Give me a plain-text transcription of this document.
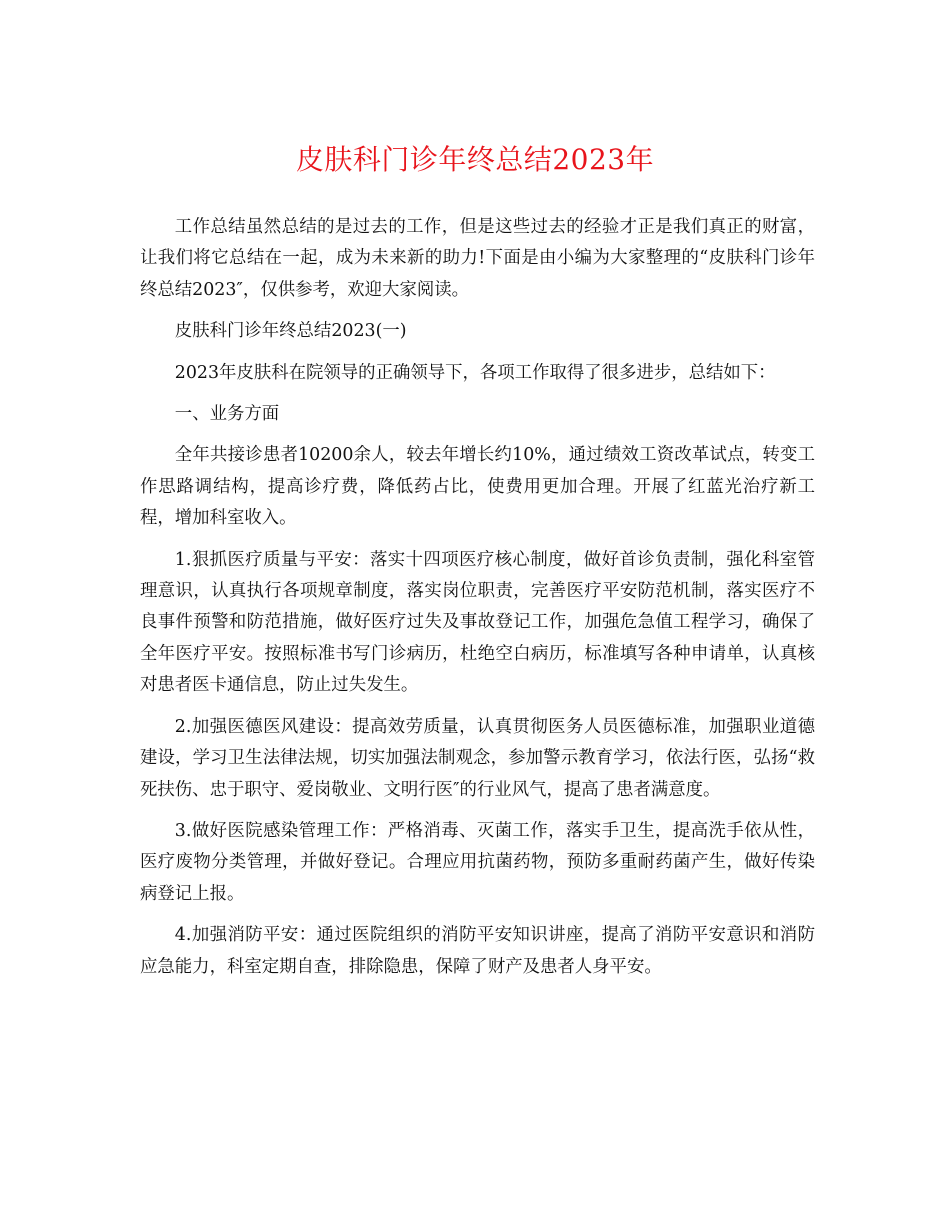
皮肤科门诊年终总结2023年

工作总结虽然总结的是过去的工作，但是这些过去的经验才正是我们真正的财富，让我们将它总结在一起，成为未来新的助力!下面是由小编为大家整理的“皮肤科门诊年终总结2023″，仅供参考，欢迎大家阅读。

皮肤科门诊年终总结2023(一)

2023年皮肤科在院领导的正确领导下，各项工作取得了很多进步，总结如下：

一、业务方面

全年共接诊患者10200余人，较去年增长约10%，通过绩效工资改革试点，转变工作思路调结构，提高诊疗费，降低药占比，使费用更加合理。开展了红蓝光治疗新工程，增加科室收入。

1.狠抓医疗质量与平安：落实十四项医疗核心制度，做好首诊负责制，强化科室管理意识，认真执行各项规章制度，落实岗位职责，完善医疗平安防范机制，落实医疗不良事件预警和防范措施，做好医疗过失及事故登记工作，加强危急值工程学习，确保了全年医疗平安。按照标准书写门诊病历，杜绝空白病历，标准填写各种申请单，认真核对患者医卡通信息，防止过失发生。

2.加强医德医风建设：提高效劳质量，认真贯彻医务人员医德标准，加强职业道德建设，学习卫生法律法规，切实加强法制观念，参加警示教育学习，依法行医，弘扬“救死扶伤、忠于职守、爱岗敬业、文明行医″的行业风气，提高了患者满意度。

3.做好医院感染管理工作：严格消毒、灭菌工作，落实手卫生，提高洗手依从性，医疗废物分类管理，并做好登记。合理应用抗菌药物，预防多重耐药菌产生，做好传染病登记上报。

4.加强消防平安：通过医院组织的消防平安知识讲座，提高了消防平安意识和消防应急能力，科室定期自查，排除隐患，保障了财产及患者人身平安。
